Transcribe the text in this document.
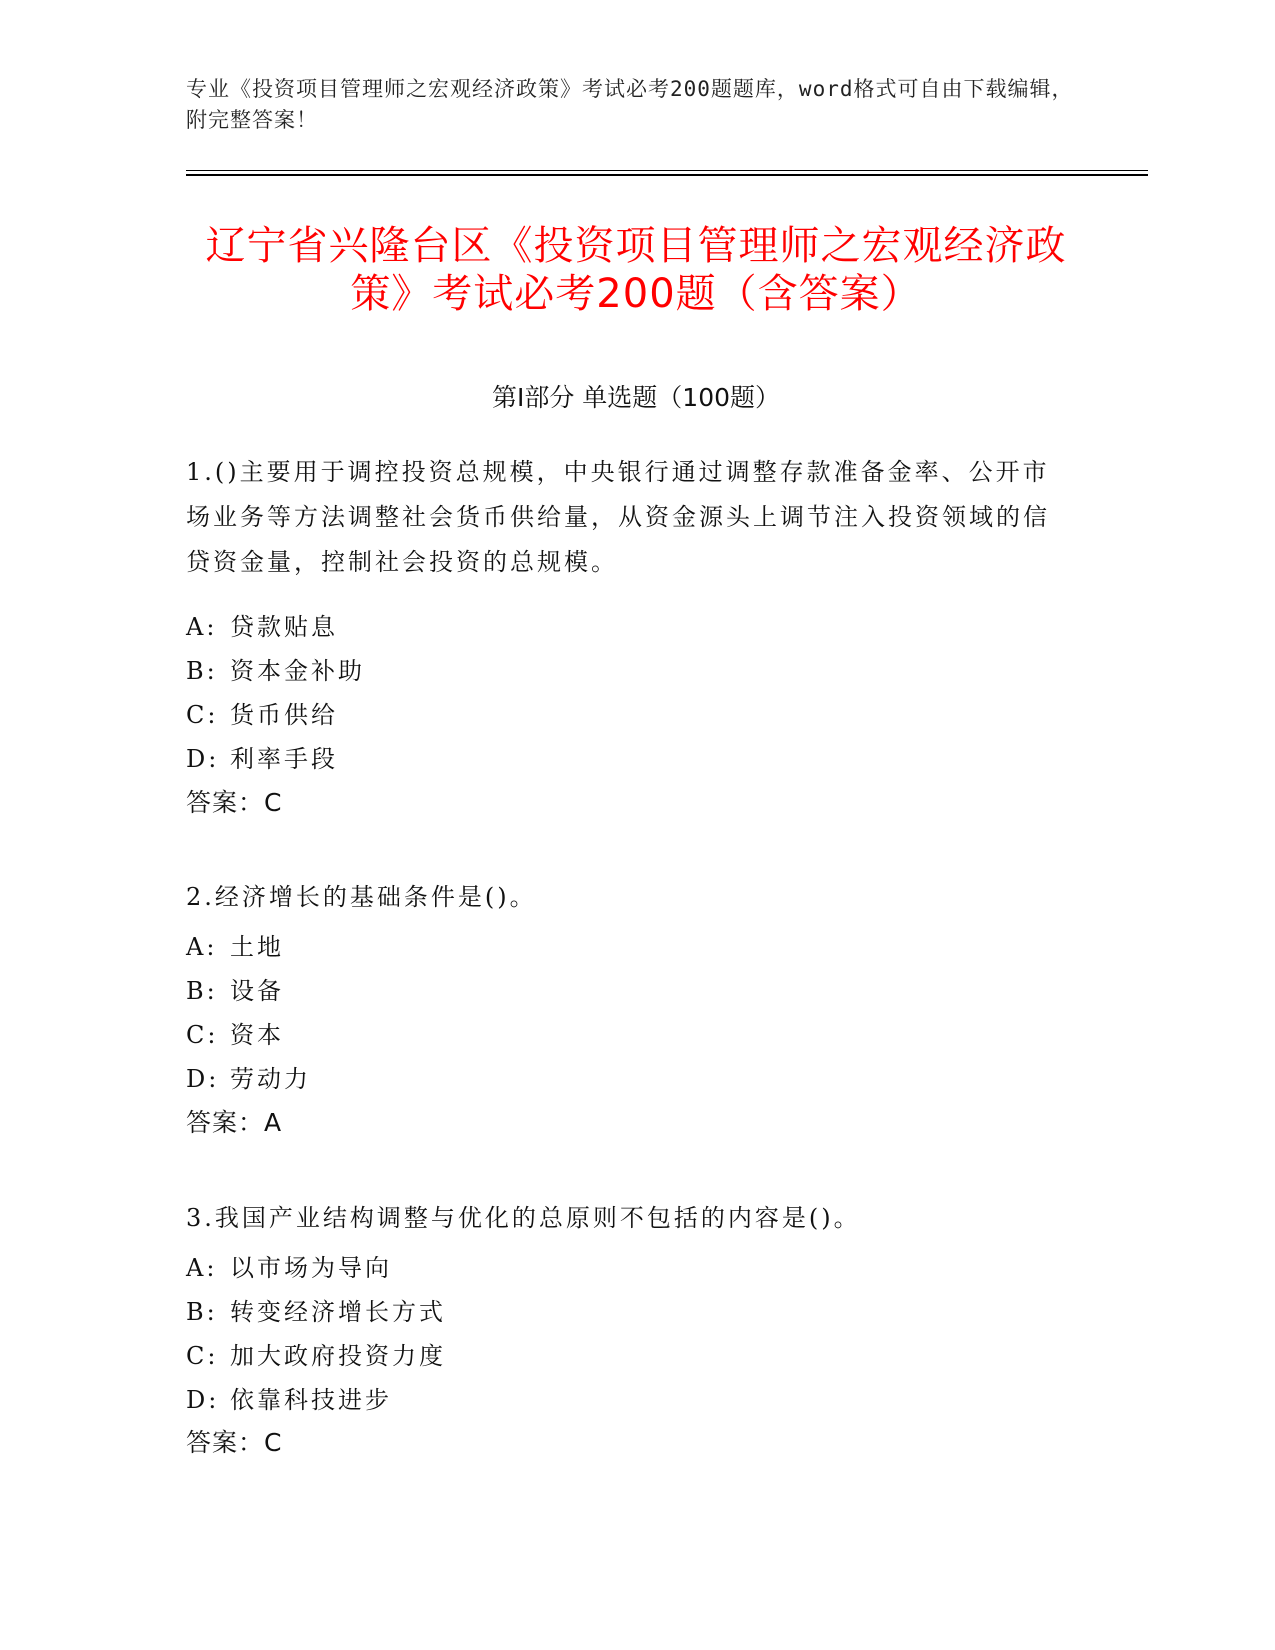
专业《投资项目管理师之宏观经济政策》考试必考200题题库，word格式可自由下载编辑，附完整答案！
辽宁省兴隆台区《投资项目管理师之宏观经济政策》考试必考200题（含答案）
第Ⅰ部分 单选题（100题）
1.()主要用于调控投资总规模，中央银行通过调整存款准备金率、公开市场业务等方法调整社会货币供给量，从资金源头上调节注入投资领域的信贷资金量，控制社会投资的总规模。
A: 贷款贴息
B: 资本金补助
C: 货币供给
D: 利率手段
答案：C
2.经济增长的基础条件是()。
A: 土地
B: 设备
C: 资本
D: 劳动力
答案：A
3.我国产业结构调整与优化的总原则不包括的内容是()。
A: 以市场为导向
B: 转变经济增长方式
C: 加大政府投资力度
D: 依靠科技进步
答案：C
